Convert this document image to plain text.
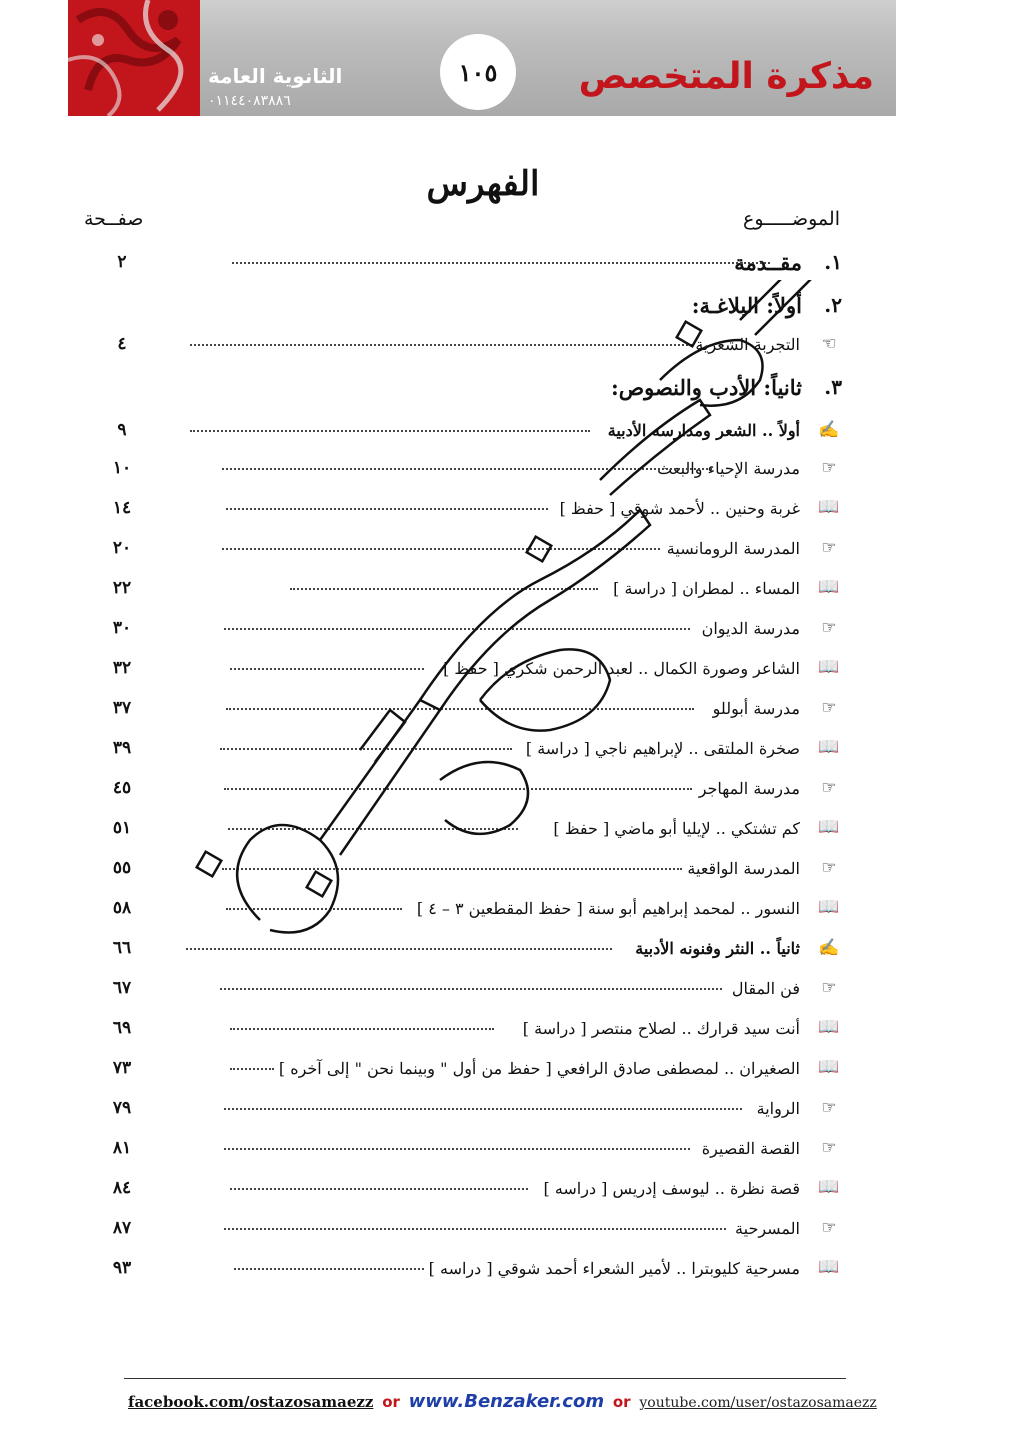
الثانوية العامة
٠١١٤٤٠٨٣٨٨٦
١٠٥ مذكرة المتخصص
الفهرس
الموضـــــوع
صفــحة
١.
مقــدمة
٢
٢.
أولاً: البلاغـة:
☜
التجربة الشعرية
٤
٣.
ثانياً: الأدب والنصوص:
✍
أولاً .. الشعر ومدارسه الأدبية
٩
☞
مدرسة الإحياء والبعث
١٠
📖
غربة وحنين .. لأحمد شوقي [ حفظ ]
١٤
☞
المدرسة الرومانسية
٢٠
📖
المساء .. لمطران [ دراسة ]
٢٢
☞
مدرسة الديوان
٣٠
📖
الشاعر وصورة الكمال .. لعبد الرحمن شكري [ حفظ ]
٣٢
☞
مدرسة أبوللو
٣٧
📖
صخرة الملتقى .. لإبراهيم ناجي [ دراسة ]
٣٩
☞
مدرسة المهاجر
٤٥
📖
كم تشتكي .. لإيليا أبو ماضي [ حفظ ]
٥١
☞
المدرسة الواقعية
٥٥
📖
النسور .. لمحمد إبراهيم أبو سنة [ حفظ المقطعين ٣ – ٤ ]
٥٨
✍
ثانياً .. النثر وفنونه الأدبية
٦٦
☞
فن المقال
٦٧
📖
أنت سيد قرارك .. لصلاح منتصر [ دراسة ]
٦٩
📖
الصغيران .. لمصطفى صادق الرافعي [ حفظ من أول " وبينما نحن " إلى آخره ]
٧٣
☞
الرواية
٧٩
☞
القصة القصيرة
٨١
📖
قصة نظرة .. ليوسف إدريس [ دراسه ]
٨٤
☞
المسرحية
٨٧
📖
مسرحية كليوبترا .. لأمير الشعراء أحمد شوقي [ دراسه ]
٩٣
facebook.com/ostazosamaezz or www.Benzaker.com or youtube.com/user/ostazosamaezz
